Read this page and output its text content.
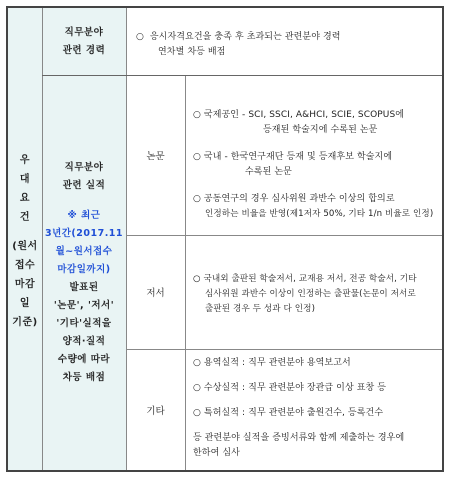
우
대
요
건
(원서
접수
마감
일
기준)
직무분야
관련 경력
○ 응시자격요건을 충족 후 초과되는 관련분야 경력
연차별 차등 배점
직무분야
관련 실적
※ 최근
3년간(2017.11
월~원서접수
마감일까지)
발표된
'논문', '저서'
'기타'실적을
양적·질적
수량에 따라
차등 배점
논문
○ 국제공인 - SCI, SSCI, A&HCI, SCIE, SCOPUS에
등재된 학술지에 수록된 논문
○ 국내 - 한국연구재단 등재 및 등재후보 학술지에
수록된 논문
○ 공동연구의 경우 심사위원 과반수 이상의 합의로
인정하는 비율을 반영(제1저자 50%, 기타 1/n 비율로 인정)
저서
○ 국내외 출판된 학술저서, 교재용 저서, 전공 학술서, 기타
심사위원 과반수 이상이 인정하는 출판물(논문이 저서로
출판된 경우 두 성과 다 인정)
기타
○ 용역실적 : 직무 관련분야 용역보고서
○ 수상실적 : 직무 관련분야 장관급 이상 표창 등
○ 특허실적 : 직무 관련분야 출원건수, 등록건수
등 관련분야 실적을 증빙서류와 함께 제출하는 경우에
한하여 심사
